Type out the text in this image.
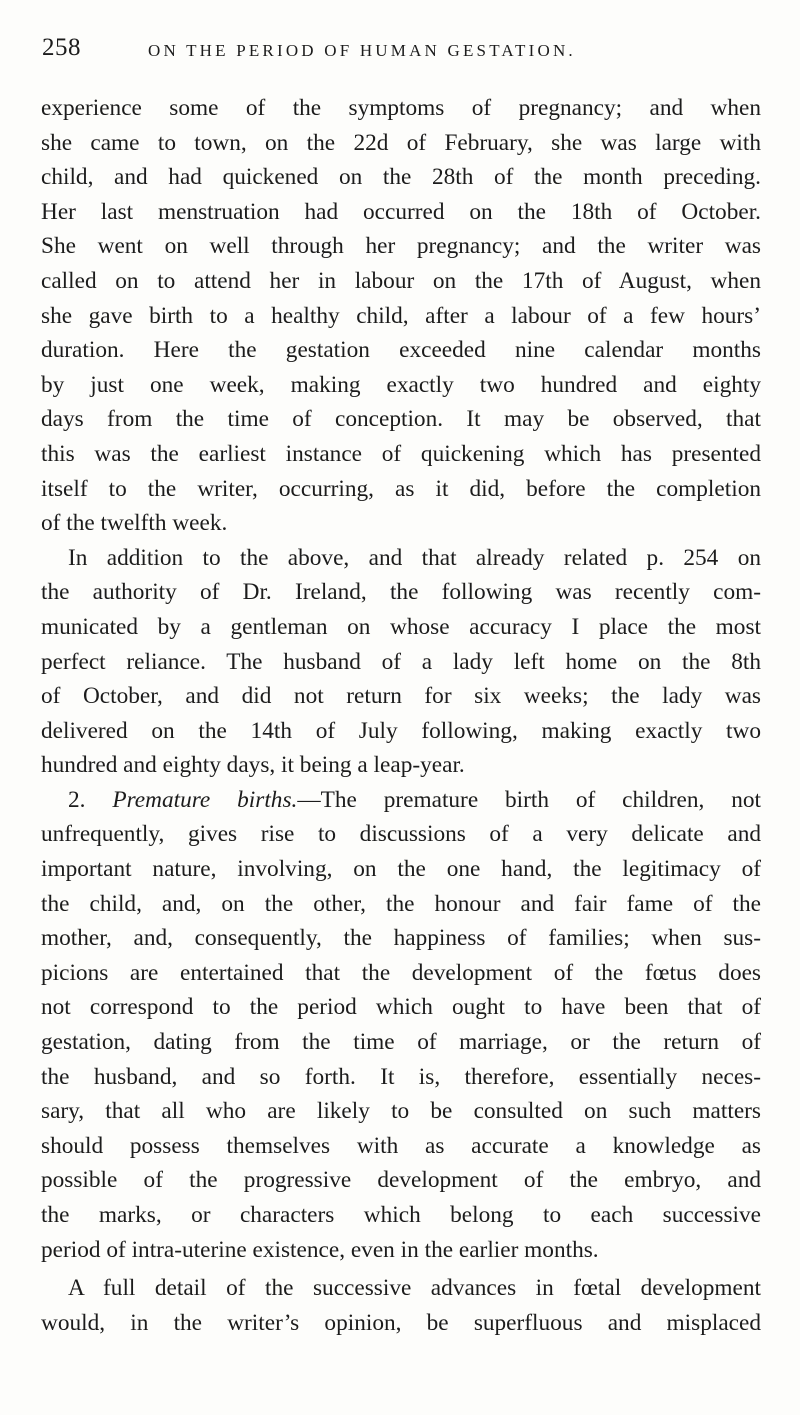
258	ON THE PERIOD OF HUMAN GESTATION.
experience some of the symptoms of pregnancy; and when
she came to town, on the 22d of February, she was large with
child, and had quickened on the 28th of the month preceding.
Her last menstruation had occurred on the 18th of October.
She went on well through her pregnancy; and the writer was
called on to attend her in labour on the 17th of August, when
she gave birth to a healthy child, after a labour of a few hours’
duration. Here the gestation exceeded nine calendar months
by just one week, making exactly two hundred and eighty
days from the time of conception. It may be observed, that
this was the earliest instance of quickening which has presented
itself to the writer, occurring, as it did, before the completion
of the twelfth week.
In addition to the above, and that already related p. 254 on
the authority of Dr. Ireland, the following was recently com-
municated by a gentleman on whose accuracy I place the most
perfect reliance. The husband of a lady left home on the 8th
of October, and did not return for six weeks; the lady was
delivered on the 14th of July following, making exactly two
hundred and eighty days, it being a leap-year.
2. Premature births.—The premature birth of children, not
unfrequently, gives rise to discussions of a very delicate and
important nature, involving, on the one hand, the legitimacy of
the child, and, on the other, the honour and fair fame of the
mother, and, consequently, the happiness of families; when sus-
picions are entertained that the development of the fœtus does
not correspond to the period which ought to have been that of
gestation, dating from the time of marriage, or the return of
the husband, and so forth. It is, therefore, essentially neces-
sary, that all who are likely to be consulted on such matters
should possess themselves with as accurate a knowledge as
possible of the progressive development of the embryo, and
the marks, or characters which belong to each successive
period of intra-uterine existence, even in the earlier months.
A full detail of the successive advances in fœtal development
would, in the writer’s opinion, be superfluous and misplaced
